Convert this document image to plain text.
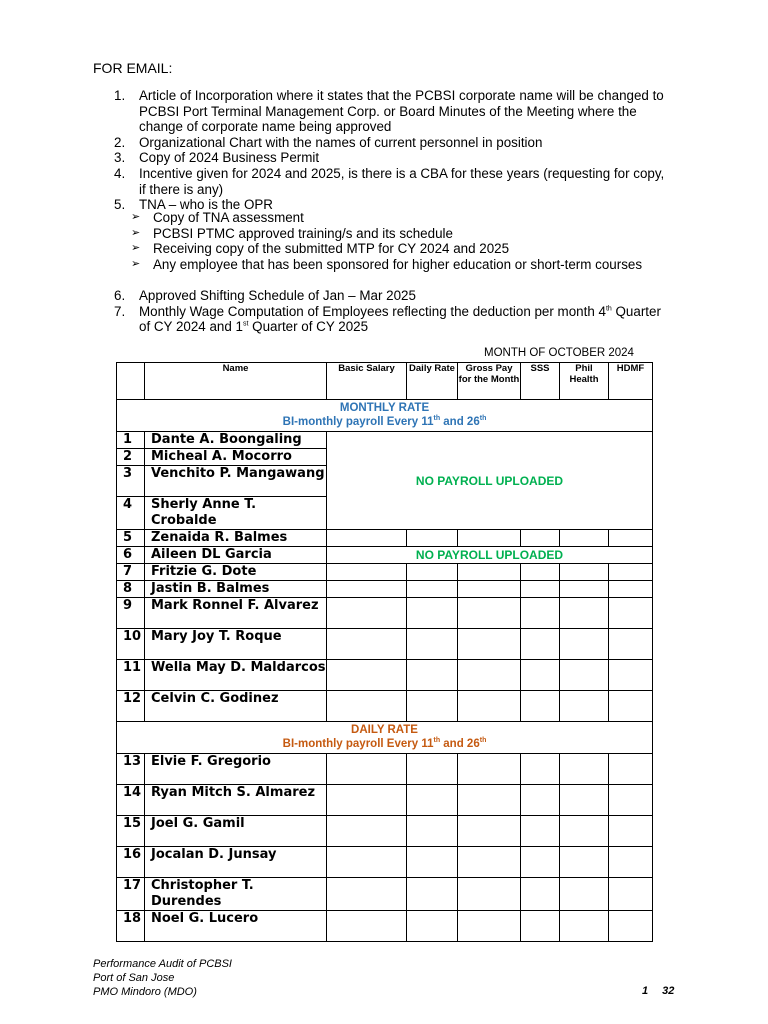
FOR EMAIL:
1. Article of Incorporation where it states that the PCBSI corporate name will be changed to PCBSI Port Terminal Management Corp. or Board Minutes of the Meeting where the change of corporate name being approved
2. Organizational Chart with the names of current personnel in position
3. Copy of 2024 Business Permit
4. Incentive given for 2024 and 2025, is there is a CBA for these years (requesting for copy, if there is any)
5. TNA – who is the OPR
➢ Copy of TNA assessment
➢ PCBSI PTMC approved training/s and its schedule
➢ Receiving copy of the submitted MTP for CY 2024 and 2025
➢ Any employee that has been sponsored for higher education or short-term courses
6. Approved Shifting Schedule of Jan – Mar 2025
7. Monthly Wage Computation of Employees reflecting the deduction per month 4th Quarter of CY 2024 and 1st Quarter of CY 2025
MONTH OF OCTOBER 2024
	Name	Basic Salary	Daily Rate	Gross Pay for the Month	SSS	Phil Health	HDMF

MONTHLY RATE
BI-monthly payroll Every 11th and 26th

1	Dante A. Boongaling	NO PAYROLL UPLOADED					
2	Micheal A. Mocorro						
3	Venchito P. Mangawang						
4	Sherly Anne T. Crobalde						
5	Zenaida R. Balmes						
6	Aileen DL Garcia	NO PAYROLL UPLOADED					
7	Fritzie G. Dote						
8	Jastin B. Balmes						
9	Mark Ronnel F. Alvarez						
10	Mary Joy T. Roque						
11	Wella May D. Maldarcos						
12	Celvin C. Godinez						

DAILY RATE
BI-monthly payroll Every 11th and 26th

13	Elvie F. Gregorio						
14	Ryan Mitch S. Almarez						
15	Joel G. Gamil						
16	Jocalan D. Junsay						
17	Christopher T. Durendes						
18	Noel G. Lucero						
Performance Audit of PCBSI
Port of San Jose
PMO Mindoro (MDO)	1 32
